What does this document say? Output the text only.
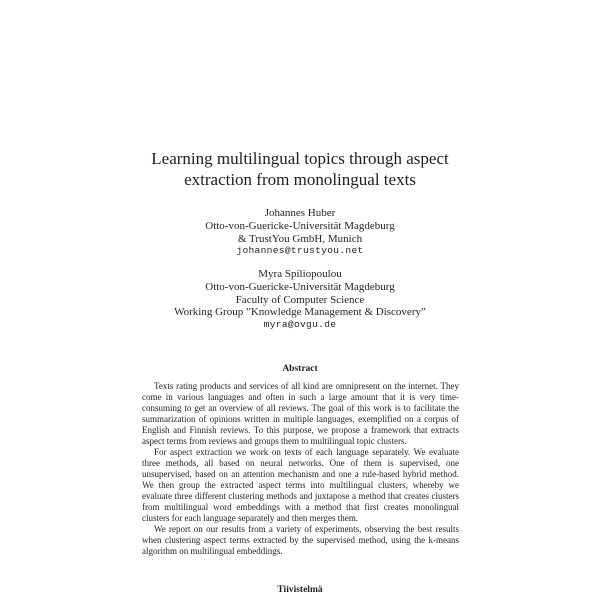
Learning multilingual topics through aspect extraction from monolingual texts
Johannes Huber
Otto-von-Guericke-Universität Magdeburg
& TrustYou GmbH, Munich
johannes@trustyou.net
Myra Spiliopoulou
Otto-von-Guericke-Universität Magdeburg
Faculty of Computer Science
Working Group ”Knowledge Management & Discovery”
myra@ovgu.de
Abstract

Texts rating products and services of all kind are omnipresent on the internet. They come in various languages and often in such a large amount that it is very time-consuming to get an overview of all reviews. The goal of this work is to facilitate the summarization of opinions written in multiple languages, exemplified on a corpus of English and Finnish reviews. To this purpose, we propose a framework that extracts aspect terms from reviews and groups them to multilingual topic clusters.

For aspect extraction we work on texts of each language separately. We evaluate three methods, all based on neural networks. One of them is supervised, one unsupervised, based on an attention mechanism and one a rule-based hybrid method. We then group the extracted aspect terms into multilingual clusters, whereby we evaluate three different clustering methods and juxtapose a method that creates clusters from multilingual word embeddings with a method that first creates monolingual clusters for each language separately and then merges them.

We report on our results from a variety of experiments, observing the best results when clustering aspect terms extracted by the supervised method, using the k-means algorithm on multilingual embeddings.

Tiivistelmä
